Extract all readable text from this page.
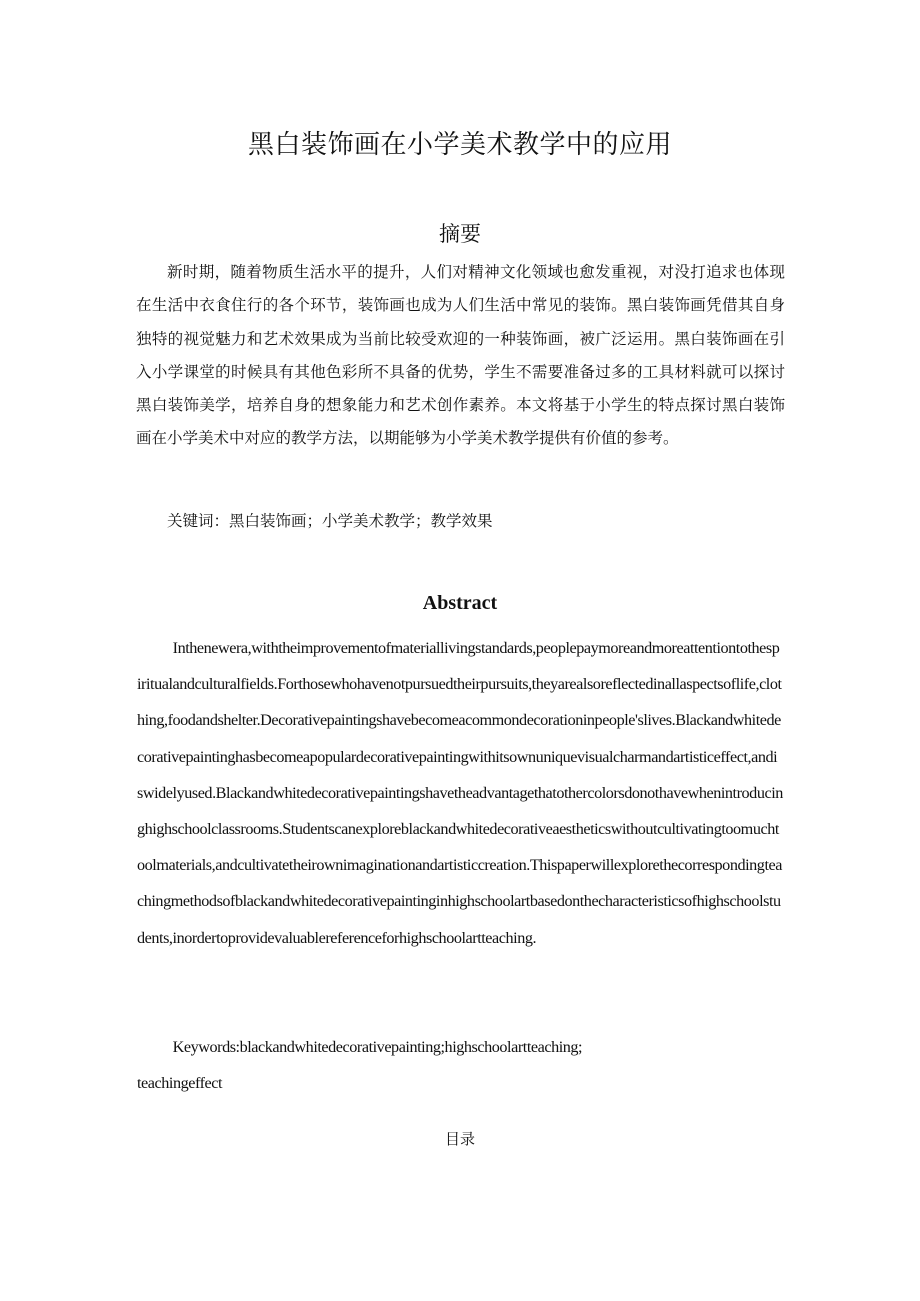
黑白装饰画在小学美术教学中的应用
摘要

新时期，随着物质生活水平的提升，人们对精神文化领域也愈发重视，对没打追求也体现在生活中衣食住行的各个环节，装饰画也成为人们生活中常见的装饰。黑白装饰画凭借其自身独特的视觉魅力和艺术效果成为当前比较受欢迎的一种装饰画，被广泛运用。黑白装饰画在引入小学课堂的时候具有其他色彩所不具备的优势，学生不需要准备过多的工具材料就可以探讨黑白装饰美学，培养自身的想象能力和艺术创作素养。本文将基于小学生的特点探讨黑白装饰画在小学美术中对应的教学方法，以期能够为小学美术教学提供有价值的参考。

关键词：黑白装饰画；小学美术教学；教学效果

Abstract

Inthenewera,withtheimprovementofmateriallivingstandards,peoplepaymoreandmoreattentiontothespiritualandculturalfields.Forthosewhohavenotpursuedtheirpursuits,theyarealsoreflectedinallaspectsoflife,clothing,foodandshelter.Decorativepaintingshavebecomeacommondecorationinpeople'slives.Blackandwhitedecorativepaintinghasbecomeapopulardecorativepaintingwithitsownuniquevisualcharmandartisticeffect,andiswidelyused.Blackandwhitedecorativepaintingshavetheadvantagethatothercolorsdonothavewhenintroducinghighschoolclassrooms.Studentscanexploreblackandwhitedecorativeaestheticswithoutcultivatingtoomuchtoolmaterials,andcultivatetheirownimaginationandartisticcreation.Thispaperwillexplorethecorrespondingteachingmethodsofblackandwhitedecorativepaintinginhighschoolartbasedonthecharacteristicsofhighschoolstudents,inordertoprovidevaluablereferenceforhighschoolartteaching.

Keywords:blackandwhitedecorativepainting;highschoolartteaching;
teachingeffect

目录
